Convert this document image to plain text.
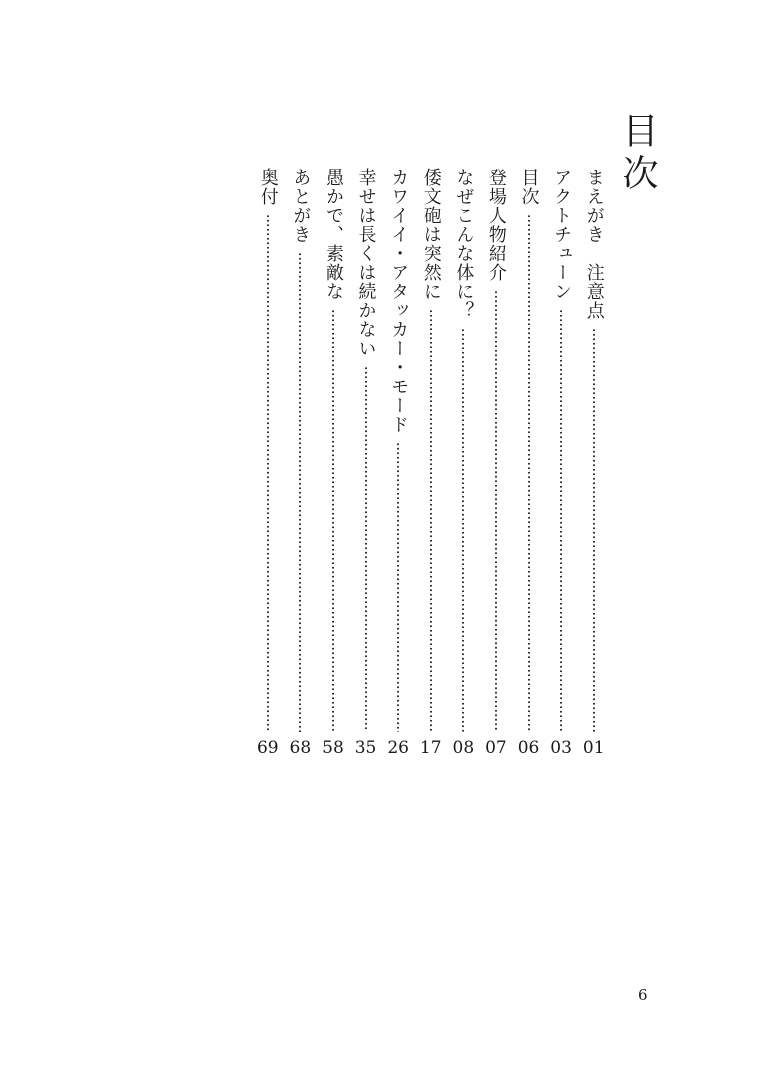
目次
まえがき　注意点
01
アクトチューン
03
目次
06
登場人物紹介
07
なぜこんな体に？
08
倭文砲は突然に
17
カワイイ・アタッカー・モード
26
幸せは長くは続かない
35
愚かで、素敵な
58
あとがき
68
奥付
69

6
